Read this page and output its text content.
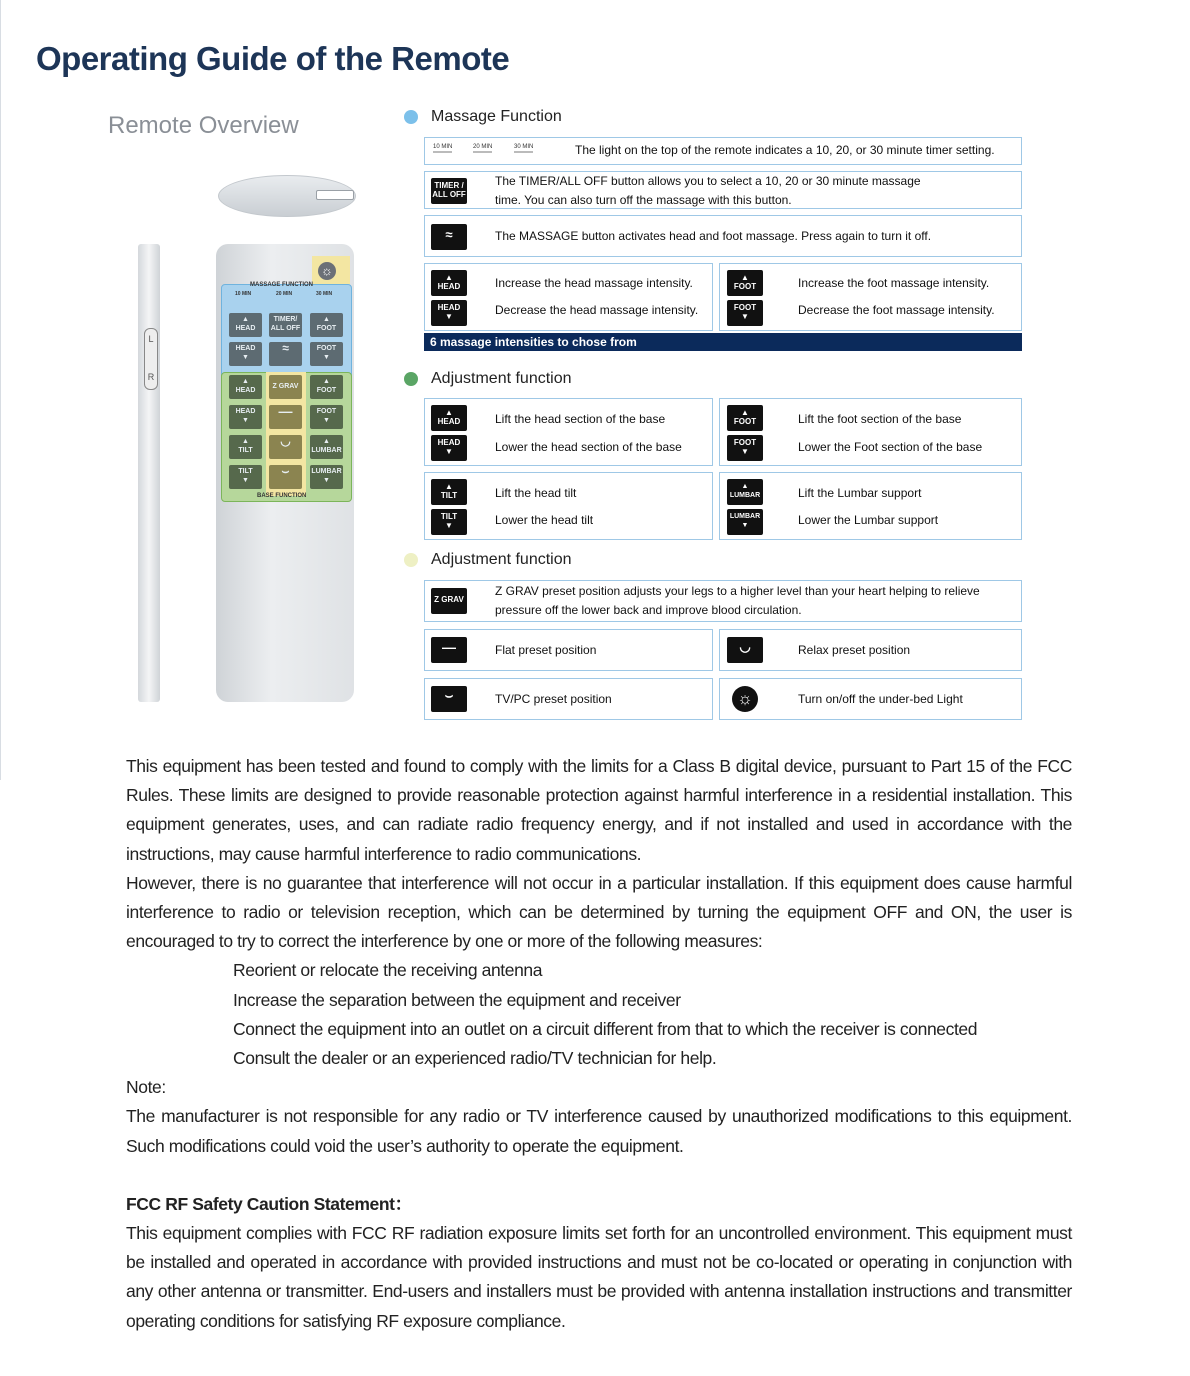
Operating Guide of the Remote
Remote Overview
L
R
☼
MASSAGE FUNCTION
10 MIN	20 MIN	30 MIN
▲
HEAD
TIMER/ ALL OFF
▲
FOOT
HEAD
▼
≈	FOOT
▼
▲
HEAD
Z GRAV
▲
FOOT
HEAD
▼
—	FOOT
▼
▲
TILT
◡	▲
LUMBAR
TILT
▼
⌣	LUMBAR
▼
BASE FUNCTION
Massage Function
10 MIN	20 MIN	30 MIN	The light on the top of the remote indicates a 10, 20, or 30 minute timer setting.
TIMER / ALL OFF
The TIMER/ALL OFF button allows you to select a 10, 20 or 30 minute massage time. You can also turn off the massage with this button.
≈	The MASSAGE button activates head and foot massage. Press again to turn it off.
▲
HEAD	Increase the head massage intensity.
HEAD
▼	Decrease the head massage intensity.
▲
FOOT	Increase the foot massage intensity.
FOOT
▼	Decrease the foot massage intensity.
6 massage intensities to chose from
Adjustment function
▲
HEAD	Lift the head section of the base
HEAD
▼	Lower the head section of the base
▲
FOOT	Lift the foot section of the base
FOOT
▼	Lower the Foot section of the base
▲
TILT	Lift the head tilt
TILT
▼	Lower the head tilt
▲
LUMBAR	Lift the Lumbar support
LUMBAR
▼	Lower the Lumbar support
Adjustment function
Z GRAV
Z GRAV preset position adjusts your legs to a higher level than your heart helping to relieve pressure off the lower back and improve blood circulation.
—	Flat preset position	◡	Relax preset position
⌣	TV/PC preset position	☼	Turn on/off the under-bed Light

This equipment has been tested and found to comply with the limits for a Class B digital device, pursuant to Part 15 of the FCC Rules. These limits are designed to provide reasonable protection against harmful interference in a residential installation. This equipment generates, uses, and can radiate radio frequency energy, and if not installed and used in accordance with the instructions, may cause harmful interference to radio communications.

However, there is no guarantee that interference will not occur in a particular installation. If this equipment does cause harmful interference to radio or television reception, which can be determined by turning the equipment OFF and ON, the user is encouraged to try to correct the interference by one or more of the following measures:

Reorient or relocate the receiving antenna

Increase the separation between the equipment and receiver

Connect the equipment into an outlet on a circuit different from that to which the receiver is connected

Consult the dealer or an experienced radio/TV technician for help.

Note:

The manufacturer is not responsible for any radio or TV interference caused by unauthorized modifications to this equipment. Such modifications could void the user’s authority to operate the equipment.

FCC RF Safety Caution Statement：

This equipment complies with FCC RF radiation exposure limits set forth for an uncontrolled environment. This equipment must be installed and operated in accordance with provided instructions and must not be co-located or operating in conjunction with any other antenna or transmitter. End-users and installers must be provided with antenna installation instructions and transmitter operating conditions for satisfying RF exposure compliance.
